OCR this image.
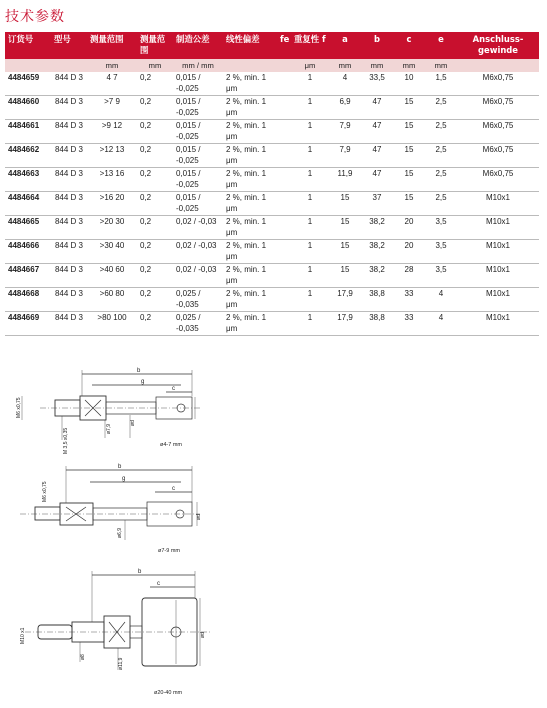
技术参数
订货号	型号	测量范围	测量范围	制造公差	线性偏差	fe	重复性 f	a	b	c	e	Anschluss-gewinde
		mm	mm	mm / mm			μm	mm	mm	mm	mm	
4484659	844 D 3	4 7	0,2	0,015 / -0,025	2 %, min. 1 μm		1	4	33,5	10	1,5	M6x0,75
4484660	844 D 3	>7 9	0,2	0,015 / -0,025	2 %, min. 1 μm		1	6,9	47	15	2,5	M6x0,75
4484661	844 D 3	>9 12	0,2	0,015 / -0,025	2 %, min. 1 μm		1	7,9	47	15	2,5	M6x0,75
4484662	844 D 3	>12 13	0,2	0,015 / -0,025	2 %, min. 1 μm		1	7,9	47	15	2,5	M6x0,75
4484663	844 D 3	>13 16	0,2	0,015 / -0,025	2 %, min. 1 μm		1	11,9	47	15	2,5	M6x0,75
4484664	844 D 3	>16 20	0,2	0,015 / -0,025	2 %, min. 1 μm		1	15	37	15	2,5	M10x1
4484665	844 D 3	>20 30	0,2	0,02 / -0,03	2 %, min. 1 μm		1	15	38,2	20	3,5	M10x1
4484666	844 D 3	>30 40	0,2	0,02 / -0,03	2 %, min. 1 μm		1	15	38,2	20	3,5	M10x1
4484667	844 D 3	>40 60	0,2	0,02 / -0,03	2 %, min. 1 μm		1	15	38,2	28	3,5	M10x1
4484668	844 D 3	>60 80	0,2	0,025 / -0,035	2 %, min. 1 μm		1	17,9	38,8	33	4	M10x1
4484669	844 D 3	>80 100	0,2	0,025 / -0,035	2 %, min. 1 μm		1	17,9	38,8	33	4	M10x1
b
g
c
M6 x0,75
M 3,5 x0,35	ø7,9
ød
ø4-7 mm
b
g
c
M6 x0,75
ø6,9
ød
ø7-9 mm
b
c
M10 x1
ø8
ø11,9
ød
ø20-40 mm
